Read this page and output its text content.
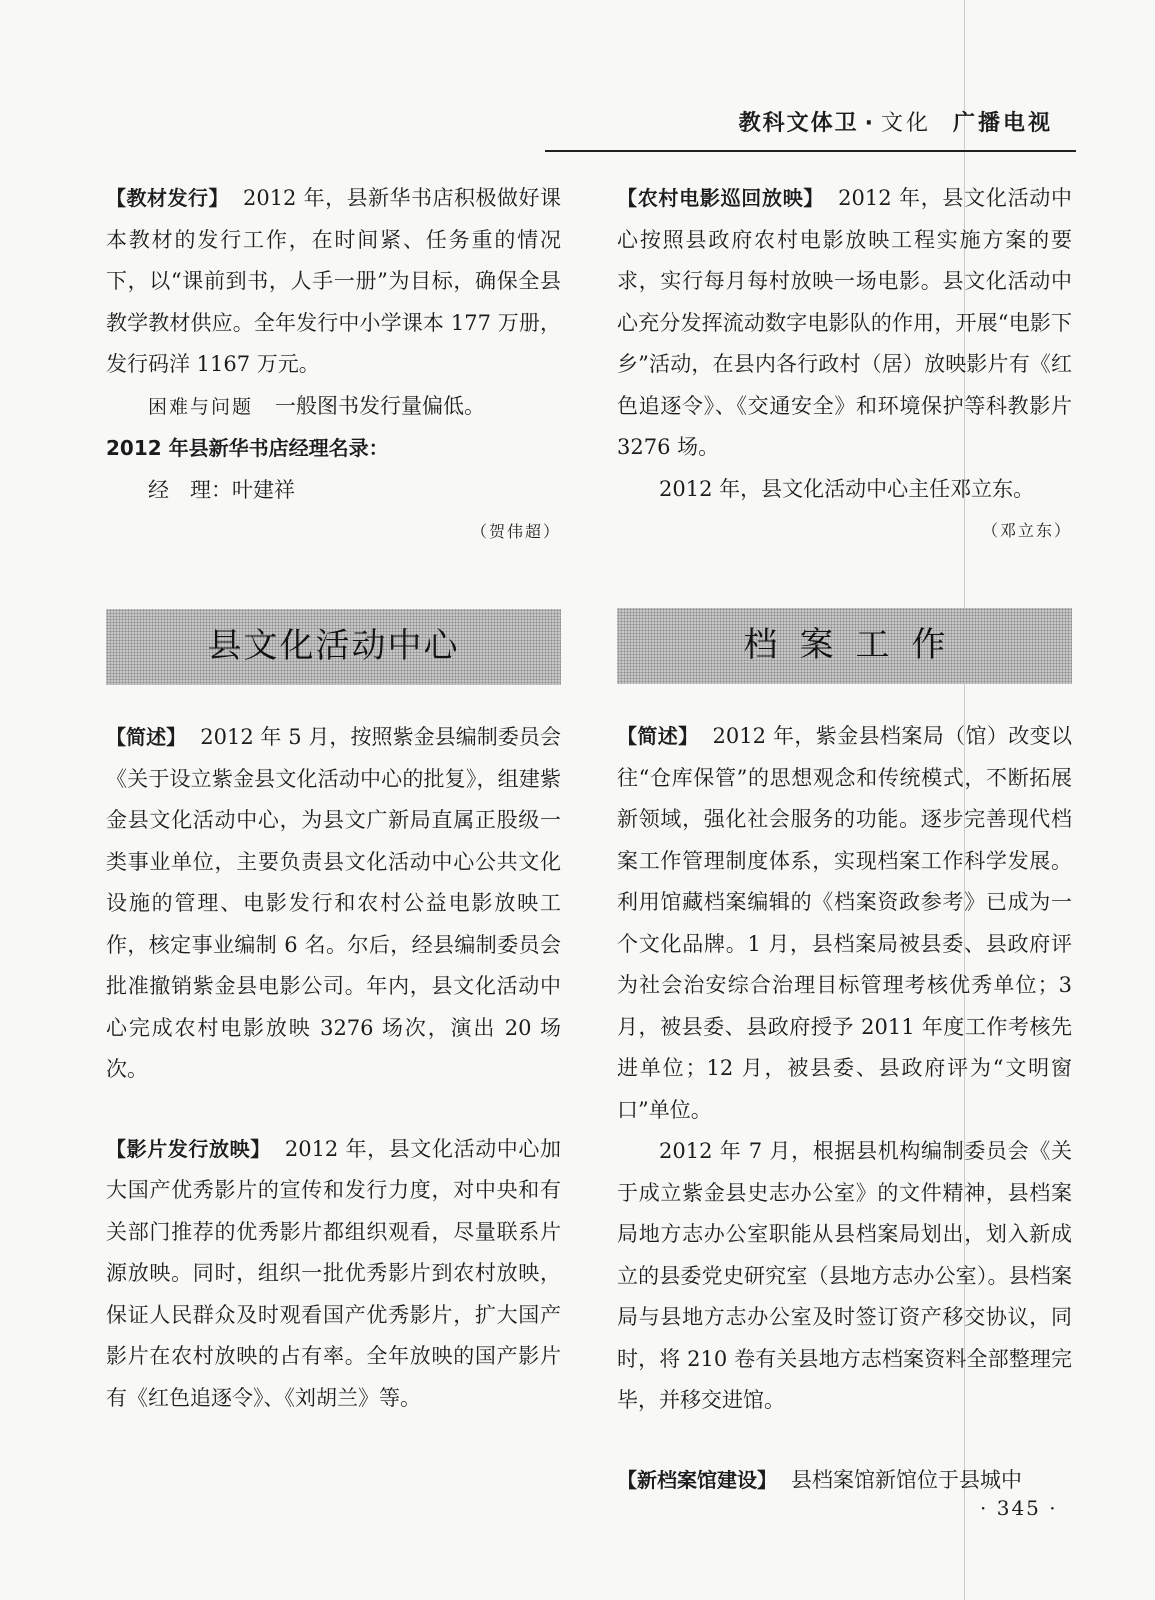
教科文体卫 · 文化 广播电视

【教材发行】 2012 年，县新华书店积极做好课本教材的发行工作，在时间紧、任务重的情况下，以“课前到书，人手一册”为目标，确保全县教学教材供应。全年发行中小学课本 177 万册，发行码洋 1167 万元。

困难与问题 一般图书发行量偏低。

2012 年县新华书店经理名录：

经　理：叶建祥

（贺伟超）
县文化活动中心

【简述】 2012 年 5 月，按照紫金县编制委员会《关于设立紫金县文化活动中心的批复》，组建紫金县文化活动中心，为县文广新局直属正股级一类事业单位，主要负责县文化活动中心公共文化设施的管理、电影发行和农村公益电影放映工作，核定事业编制 6 名。尔后，经县编制委员会批准撤销紫金县电影公司。年内，县文化活动中心完成农村电影放映 3276 场次，演出 20 场次。

【影片发行放映】 2012 年，县文化活动中心加大国产优秀影片的宣传和发行力度，对中央和有关部门推荐的优秀影片都组织观看，尽量联系片源放映。同时，组织一批优秀影片到农村放映，保证人民群众及时观看国产优秀影片，扩大国产影片在农村放映的占有率。全年放映的国产影片有《红色追逐令》、《刘胡兰》等。

【农村电影巡回放映】 2012 年，县文化活动中心按照县政府农村电影放映工程实施方案的要求，实行每月每村放映一场电影。县文化活动中心充分发挥流动数字电影队的作用，开展“电影下乡”活动，在县内各行政村（居）放映影片有《红色追逐令》、《交通安全》和环境保护等科教影片 3276 场。

2012 年，县文化活动中心主任邓立东。

（邓立东）
档案工作

【简述】 2012 年，紫金县档案局（馆）改变以往“仓库保管”的思想观念和传统模式，不断拓展新领域，强化社会服务的功能。逐步完善现代档案工作管理制度体系，实现档案工作科学发展。利用馆藏档案编辑的《档案资政参考》已成为一个文化品牌。1 月，县档案局被县委、县政府评为社会治安综合治理目标管理考核优秀单位；3 月，被县委、县政府授予 2011 年度工作考核先进单位；12 月，被县委、县政府评为“文明窗口”单位。

2012 年 7 月，根据县机构编制委员会《关于成立紫金县史志办公室》的文件精神，县档案局地方志办公室职能从县档案局划出，划入新成立的县委党史研究室（县地方志办公室）。县档案局与县地方志办公室及时签订资产移交协议，同时，将 210 卷有关县地方志档案资料全部整理完毕，并移交进馆。

【新档案馆建设】 县档案馆新馆位于县城中

· 345 ·
